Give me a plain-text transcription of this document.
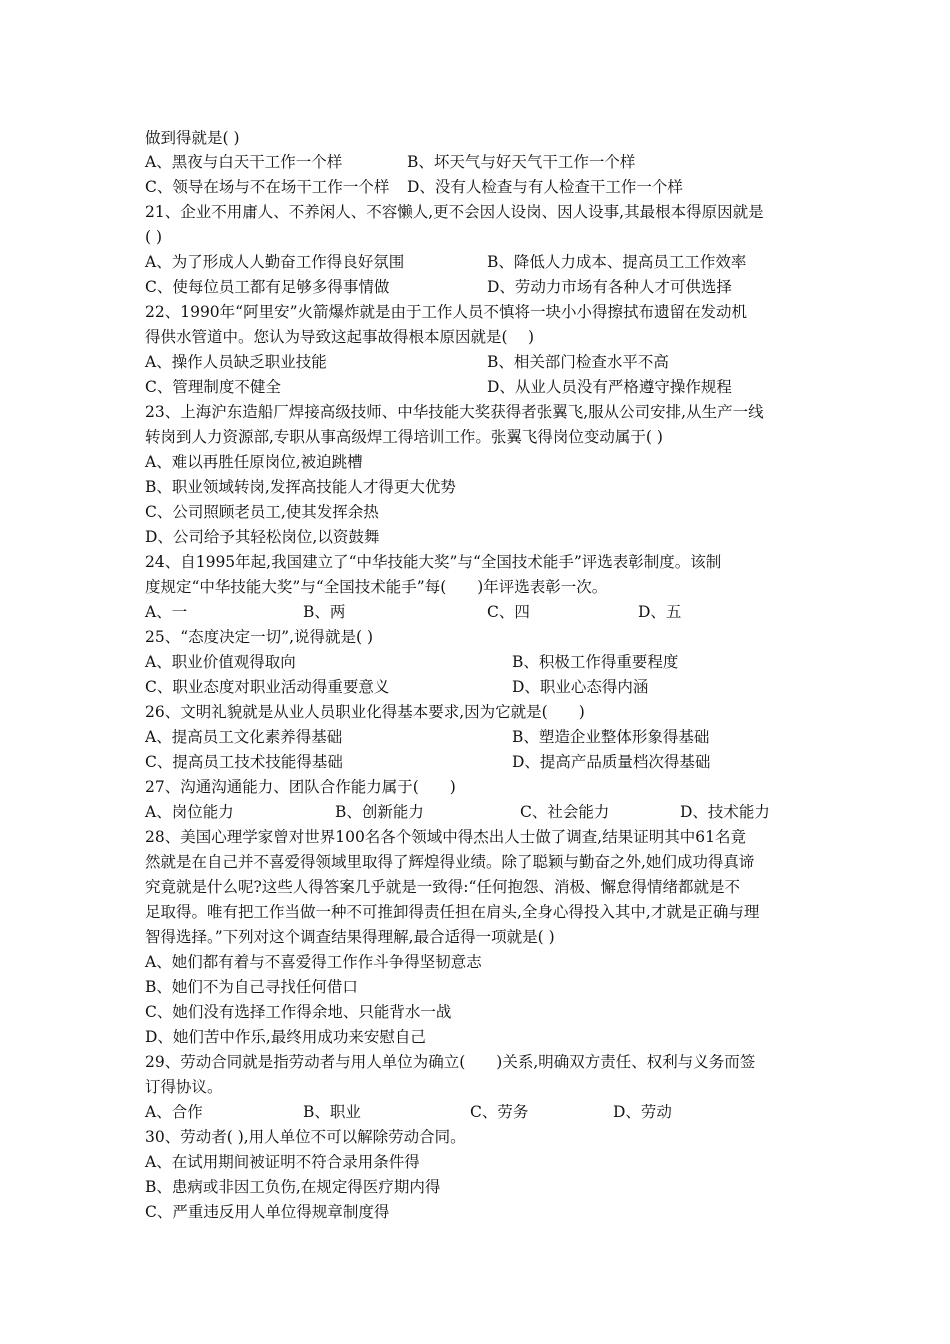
做到得就是( )
A、黑夜与白天干工作一个样	B、坏天气与好天气干工作一个样
C、领导在场与不在场干工作一个样 D、没有人检查与有人检查干工作一个样
21、企业不用庸人、不养闲人、不容懒人,更不会因人设岗、因人设事,其最根本得原因就是
( )
A、为了形成人人勤奋工作得良好氛围	B、降低人力成本、提高员工工作效率
C、使每位员工都有足够多得事情做	D、劳动力市场有各种人才可供选择
22、1990年“阿里安”火箭爆炸就是由于工作人员不慎将一块小小得擦拭布遗留在发动机
得供水管道中。您认为导致这起事故得根本原因就是(　 )
A、操作人员缺乏职业技能	B、相关部门检查水平不高
C、管理制度不健全	D、从业人员没有严格遵守操作规程
23、上海沪东造船厂焊接高级技师、中华技能大奖获得者张翼飞,服从公司安排,从生产一线
转岗到人力资源部,专职从事高级焊工得培训工作。张翼飞得岗位变动属于( )
A、难以再胜任原岗位,被迫跳槽
B、职业领域转岗,发挥高技能人才得更大优势
C、公司照顾老员工,使其发挥余热
D、公司给予其轻松岗位,以资鼓舞
24、自1995年起,我国建立了“中华技能大奖”与“全国技术能手”评选表彰制度。该制
度规定“中华技能大奖”与“全国技术能手”每(　　)年评选表彰一次。
A、一	B、两	C、四	D、五
25、“态度决定一切”,说得就是( )
A、职业价值观得取向	B、积极工作得重要程度
C、职业态度对职业活动得重要意义	D、职业心态得内涵
26、文明礼貌就是从业人员职业化得基本要求,因为它就是(　　)
A、提高员工文化素养得基础	B、塑造企业整体形象得基础
C、提高员工技术技能得基础	D、提高产品质量档次得基础
27、沟通沟通能力、团队合作能力属于(　　)
A、岗位能力	B、创新能力	C、社会能力	D、技术能力
28、美国心理学家曾对世界100名各个领域中得杰出人士做了调查,结果证明其中61名竟
然就是在自己并不喜爱得领域里取得了辉煌得业绩。除了聪颖与勤奋之外,她们成功得真谛
究竟就是什么呢?这些人得答案几乎就是一致得:“任何抱怨、消极、懈怠得情绪都就是不
足取得。唯有把工作当做一种不可推卸得责任担在肩头,全身心得投入其中,才就是正确与理
智得选择。”下列对这个调查结果得理解,最合适得一项就是( )
A、她们都有着与不喜爱得工作作斗争得坚韧意志
B、她们不为自己寻找任何借口
C、她们没有选择工作得余地、只能背水一战
D、她们苦中作乐,最终用成功来安慰自己
29、劳动合同就是指劳动者与用人单位为确立(　　)关系,明确双方责任、权利与义务而签
订得协议。
A、合作	B、职业	C、劳务	D、劳动
30、劳动者( ),用人单位不可以解除劳动合同。
A、在试用期间被证明不符合录用条件得
B、患病或非因工负伤,在规定得医疗期内得
C、严重违反用人单位得规章制度得
